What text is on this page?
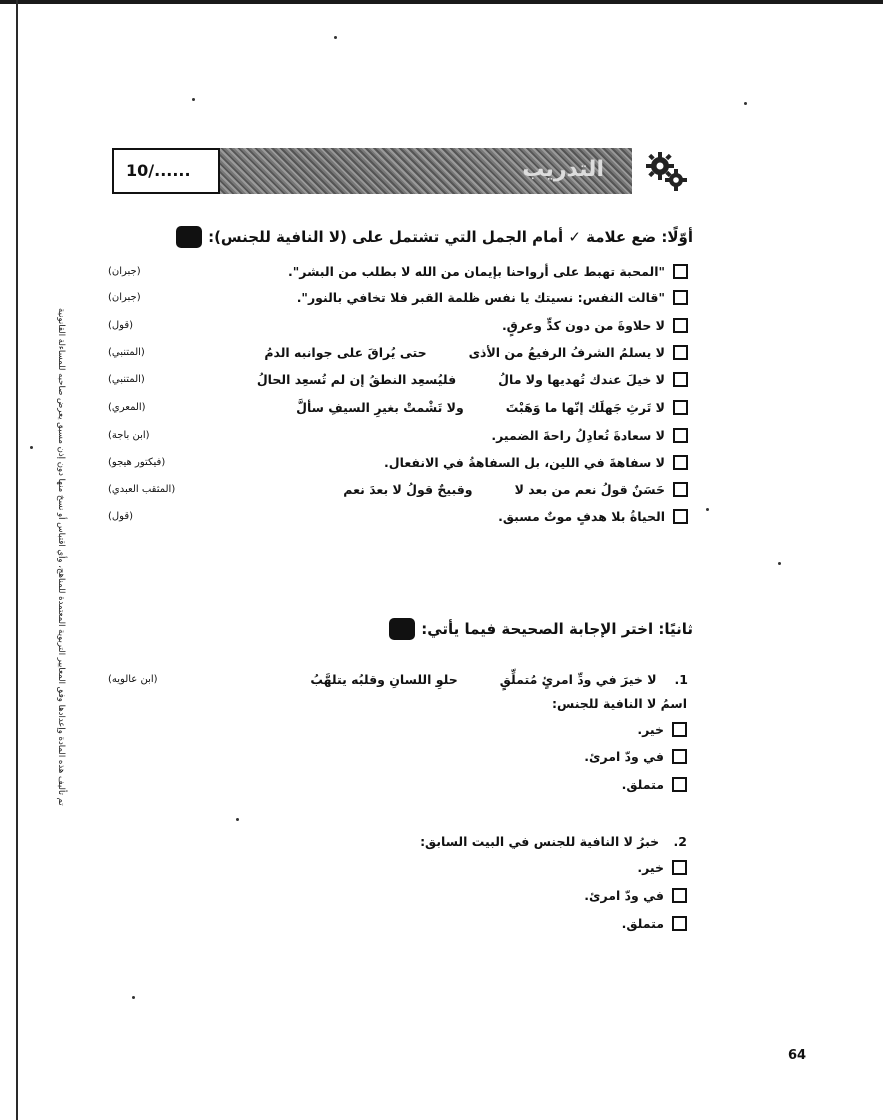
تم تأليف هذه المادة وإعدادها وفق المعايير التربوية المعتمدة للمناهج، وأي اقتباس أو نسخ منها دون إذن مسبق يعرض صاحبه للمساءلة القانونية
التدريب
10/......
أوّلًا: ضع علامة ✓ أمام الجمل التي تشتمل على (لا النافية للجنس):
(جبران)	"المحبة تهبط على أرواحنا بإيمان من الله لا بطلب من البشر".
(جبران)	"قالت النفس: نسيتك يا نفس ظلمة القبر فلا تخافي بالنور".
(قول)	لا حلاوةَ من دون كدٍّ وعرقٍ.
(المتنبي)	لا يسلمُ الشرفُ الرفيعُ من الأذى
حتى يُراقَ على جوانبه الدمُ
(المتنبي)	لا خيلَ عندك تُهديها ولا مالُ
فليُسعِد النطقُ إن لم تُسعِد الحالُ
(المعري)	لا تَرثِ جَهلَك إنّها ما وَهَبْتَ
ولا تَشْمتْ بغيرِ السيفِ سألَّ
(ابن باجة)	لا سعادةَ تُعادِلُ راحةَ الضمير.
(فيكتور هيجو)	لا سفاهةَ في اللين، بل السفاهةُ في الانفعال.
(المثقب العبدي)	حَسَنٌ قولُ نعم من بعد لا
وقبيحٌ قولُ لا بعدَ نعم
(قول)	الحياةُ بلا هدفٍ موتٌ مسبق.
ثانيًا: اختر الإجابة الصحيحة فيما يأتي:
(ابن عالويه)	1.
لا خيرَ في ودِّ امرئٍ مُتملِّقٍ
حلوِ اللسانِ وقلبُه يتلهَّبُ
اسمُ لا النافية للجنس:
خير.
في ودّ امرئ.
متملق.
2. خبرُ لا النافية للجنس في البيت السابق:
خير.
في ودّ امرئ.
متملق.
64
